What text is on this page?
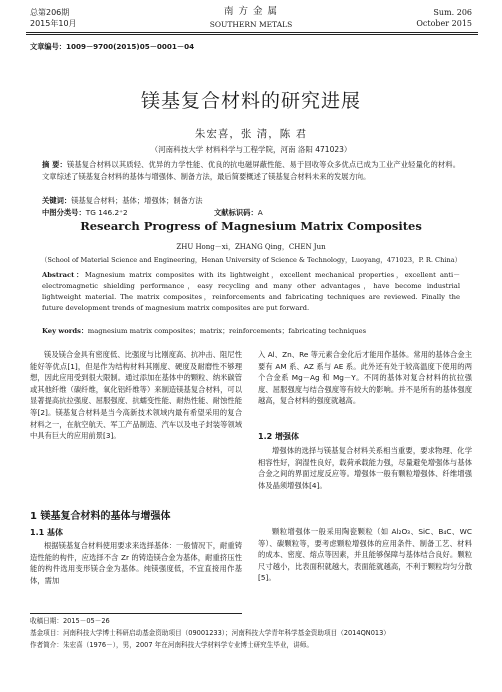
总第206期
2015年10月
南 方 金 属
SOUTHERN METALS
Sum. 206
October 2015
文章编号：1009－9700(2015)05－0001－04
镁基复合材料的研究进展
朱宏喜，张 清，陈 君
（河南科技大学 材料科学与工程学院，河南 洛阳 471023）
摘 要：镁基复合材料以其质轻、优异的力学性能、优良的抗电磁屏蔽性能、易于回收等众多优点已成为工业产业轻量化的材料。文章综述了镁基复合材料的基体与增强体、制备方法，最后简要概述了镁基复合材料未来的发展方向。
关键词：镁基复合材料；基体；增强体；制备方法
中图分类号：TG 146.2⁺2	文献标识码：A
Research Progress of Magnesium Matrix Composites
ZHU Hong－xi，ZHANG Qing，CHEN Jun
（School of Material Science and Engineering，Henan University of Science & Technology，Luoyang，471023，P. R. China）
Abstract：Magnesium matrix composites with its lightweight，excellent mechanical properties，excellent anti－electromagnetic shielding performance，easy recycling and many other advantages，have become industrial lightweight material. The matrix composites，reinforcements and fabricating techniques are reviewed. Finally the future development trends of magnesium matrix composites are put forward.
Key words：magnesium matrix composites；matrix；reinforcements；fabricating techniques
镁及镁合金具有密度低、比强度与比刚度高、抗冲击、阻尼性能好等优点[1]，但是作为结构材料其刚度、硬度及耐磨性不够理想，因此应用受到很大限制。通过添加在基体中的颗粒、纳米碳管或其他纤维（碳纤维，氧化铝纤维等）来制造镁基复合材料，可以显著提高抗拉强度、屈服强度、抗蠕变性能、耐热性能、耐蚀性能等[2]。镁基复合材料是当今高新技术领域内最有希望采用的复合材料之一，在航空航天、军工产品制造、汽车以及电子封装等领域中具有巨大的应用前景[3]。
1 镁基复合材料的基体与增强体
1.1 基体
根据镁基复合材料使用要求来选择基体：一般情况下，耐重铸造性能的构件，应选择不含 Zr 的铸造镁合金为基体，耐重挤压性能的构件选用变形镁合金为基体。纯镁强度低，不宜直接用作基体，需加
入 Al、Zn、Re 等元素合金化后才能用作基体。常用的基体合金主要有 AM 系、AZ 系与 AE 系。此外还有处于较高温度下使用的两个合金系 Mg－Ag 和 Mg－Y。不同的基体对复合材料的抗拉强度、屈服强度与结合强度等有较大的影响。并不是所有的基体强度越高，复合材料的强度就越高。
1.2 增强体
增强体的选择与镁基复合材料关系相当重要，要求物理、化学相容性好，润湿性良好，载荷承载能力强，尽量避免增强体与基体合金之间的界面过度反应等。增强体一般有颗粒增强体、纤维增强体及晶须增强体[4]。
颗粒增强体一般采用陶瓷颗粒（如 Al₂O₃、SiC、B₄C、WC 等）、碳颗粒等，要考虑颗粒增强体的应用条件、制备工艺、材料的成本、密度、熔点等因素，并且能够保障与基体结合良好。颗粒尺寸越小，比表面积就越大，表面能就越高，不利于颗粒均匀分散[5]。
收稿日期：2015－05－26
基金项目：河南科技大学博士科研启动基金资助项目（09001233）；河南科技大学青年科学基金资助项目（2014QN013）
作者简介：朱宏喜（1976－），男，2007 年在河南科技大学材料学专业博士研究生毕业，讲师。
